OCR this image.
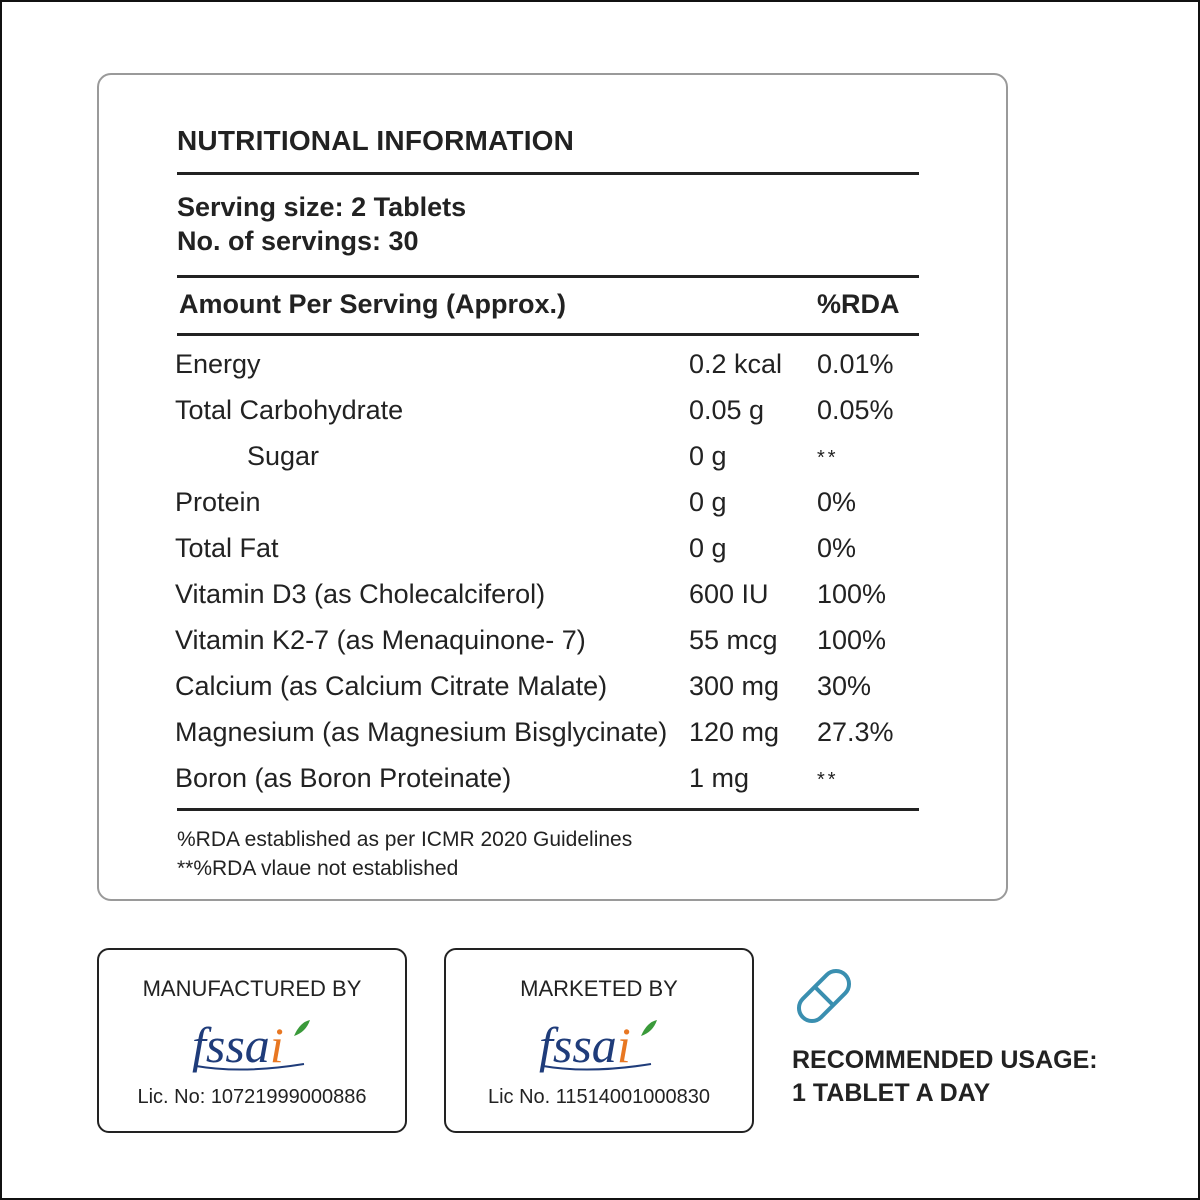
NUTRITIONAL INFORMATION
Serving size: 2 Tablets
No. of servings: 30
Amount Per Serving (Approx.)	%RDA
Energy	0.2 kcal 0.01%
Total Carbohydrate	0.05 g 0.05%
Sugar	0 g	**
Protein	0 g	0%
Total Fat	0 g	0%
Vitamin D3 (as Cholecalciferol)	600 IU 100%
Vitamin K2-7 (as Menaquinone- 7)	55 mcg 100%
Calcium (as Calcium Citrate Malate)	300 mg 30%
Magnesium (as Magnesium Bisglycinate) 120 mg 27.3%
Boron (as Boron Proteinate)	1 mg	**
%RDA established as per ICMR 2020 Guidelines
**%RDA vlaue not established
MANUFACTURED BY
fssai
Lic. No: 10721999000886
MARKETED BY
fssai
Lic No. 11514001000830
RECOMMENDED USAGE:
1 TABLET A DAY
